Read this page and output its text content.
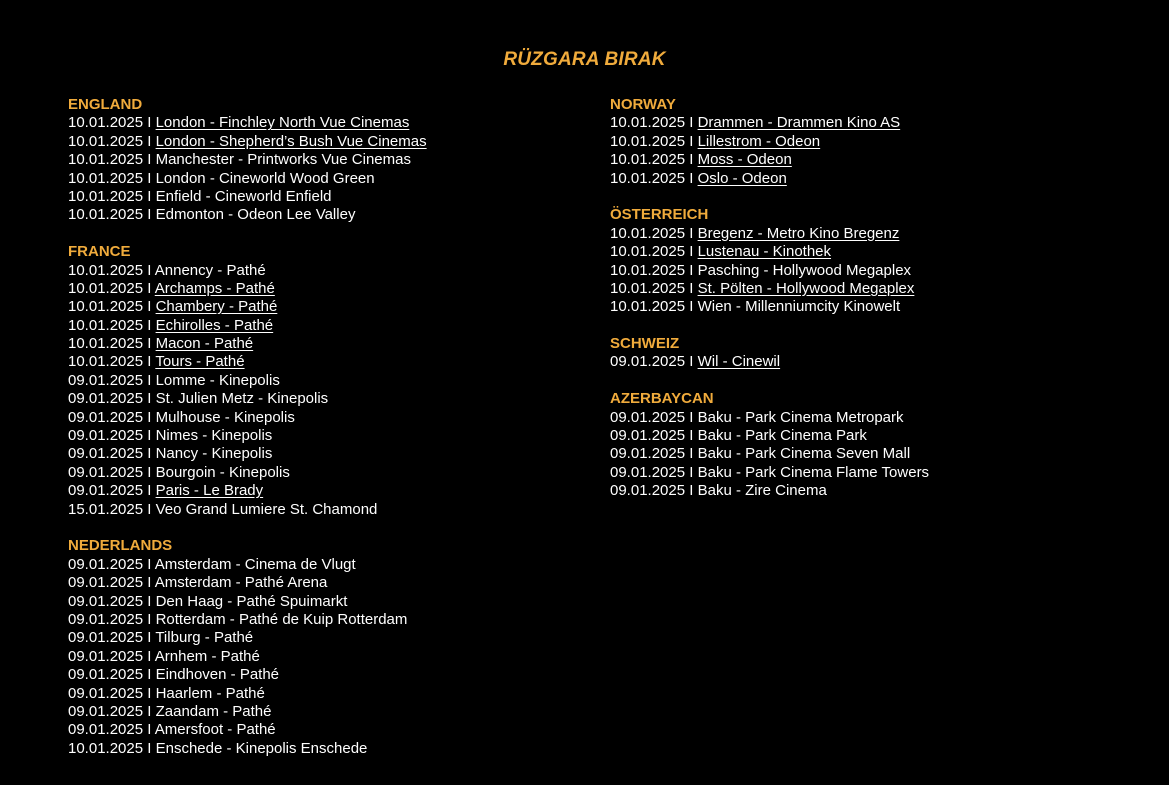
RÜZGARA BIRAK
ENGLAND
10.01.2025 I London - Finchley North Vue Cinemas
10.01.2025 I London - Shepherd’s Bush Vue Cinemas
10.01.2025 I Manchester - Printworks Vue Cinemas
10.01.2025 I London - Cineworld Wood Green
10.01.2025 I Enfield - Cineworld Enfield
10.01.2025 I Edmonton - Odeon Lee Valley
FRANCE
10.01.2025 I Annency - Pathé
10.01.2025 I Archamps - Pathé
10.01.2025 I Chambery - Pathé
10.01.2025 I Echirolles - Pathé
10.01.2025 I Macon - Pathé
10.01.2025 I Tours - Pathé
09.01.2025 I Lomme - Kinepolis
09.01.2025 I St. Julien Metz - Kinepolis
09.01.2025 I Mulhouse - Kinepolis
09.01.2025 I Nimes - Kinepolis
09.01.2025 I Nancy - Kinepolis
09.01.2025 I Bourgoin - Kinepolis
09.01.2025 I Paris - Le Brady
15.01.2025 I Veo Grand Lumiere St. Chamond
NEDERLANDS
09.01.2025 I Amsterdam - Cinema de Vlugt
09.01.2025 I Amsterdam - Pathé Arena
09.01.2025 I Den Haag - Pathé Spuimarkt
09.01.2025 I Rotterdam - Pathé de Kuip Rotterdam
09.01.2025 I Tilburg - Pathé
09.01.2025 I Arnhem - Pathé
09.01.2025 I Eindhoven - Pathé
09.01.2025 I Haarlem - Pathé
09.01.2025 I Zaandam - Pathé
09.01.2025 I Amersfoot - Pathé
10.01.2025 I Enschede - Kinepolis Enschede
NORWAY
10.01.2025 I Drammen - Drammen Kino AS
10.01.2025 I Lillestrom - Odeon
10.01.2025 I Moss - Odeon
10.01.2025 I Oslo - Odeon
ÖSTERREICH
10.01.2025 I Bregenz - Metro Kino Bregenz
10.01.2025 I Lustenau - Kinothek
10.01.2025 I Pasching - Hollywood Megaplex
10.01.2025 I St. Pölten - Hollywood Megaplex
10.01.2025 I Wien - Millenniumcity Kinowelt
SCHWEIZ
09.01.2025 I Wil - Cinewil
AZERBAYCAN
09.01.2025 I Baku - Park Cinema Metropark
09.01.2025 I Baku - Park Cinema Park
09.01.2025 I Baku - Park Cinema Seven Mall
09.01.2025 I Baku - Park Cinema Flame Towers
09.01.2025 I Baku - Zire Cinema
